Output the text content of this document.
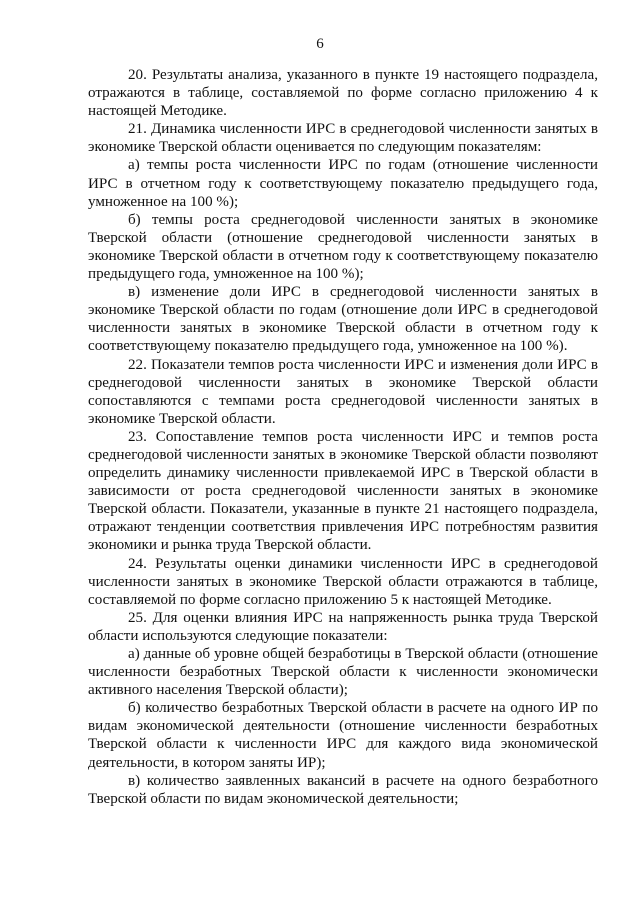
6

20. Результаты анализа, указанного в пункте 19 настоящего подраздела, отражаются в таблице, составляемой по форме согласно приложению 4 к настоящей Методике.

21. Динамика численности ИРС в среднегодовой численности занятых в экономике Тверской области оценивается по следующим показателям:

а) темпы роста численности ИРС по годам (отношение численности ИРС в отчетном году к соответствующему показателю предыдущего года, умноженное на 100 %);

б) темпы роста среднегодовой численности занятых в экономике Тверской области (отношение среднегодовой численности занятых в экономике Тверской области в отчетном году к соответствующему показателю предыдущего года, умноженное на 100 %);

в) изменение доли ИРС в среднегодовой численности занятых в экономике Тверской области по годам (отношение доли ИРС в среднегодовой численности занятых в экономике Тверской области в отчетном году к соответствующему показателю предыдущего года, умноженное на 100 %).

22. Показатели темпов роста численности ИРС и изменения доли ИРС в среднегодовой численности занятых в экономике Тверской области сопоставляются с темпами роста среднегодовой численности занятых в экономике Тверской области.

23. Сопоставление темпов роста численности ИРС и темпов роста среднегодовой численности занятых в экономике Тверской области позволяют определить динамику численности привлекаемой ИРС в Тверской области в зависимости от роста среднегодовой численности занятых в экономике Тверской области. Показатели, указанные в пункте 21 настоящего подраздела, отражают тенденции соответствия привлечения ИРС потребностям развития экономики и рынка труда Тверской области.

24. Результаты оценки динамики численности ИРС в среднегодовой численности занятых в экономике Тверской области отражаются в таблице, составляемой по форме согласно приложению 5 к настоящей Методике.

25. Для оценки влияния ИРС на напряженность рынка труда Тверской области используются следующие показатели:

а) данные об уровне общей безработицы в Тверской области (отношение численности безработных Тверской области к численности экономически активного населения Тверской области);

б) количество безработных Тверской области в расчете на одного ИР по видам экономической деятельности (отношение численности безработных Тверской области к численности ИРС для каждого вида экономической деятельности, в котором заняты ИР);

в) количество заявленных вакансий в расчете на одного безработного Тверской области по видам экономической деятельности;
